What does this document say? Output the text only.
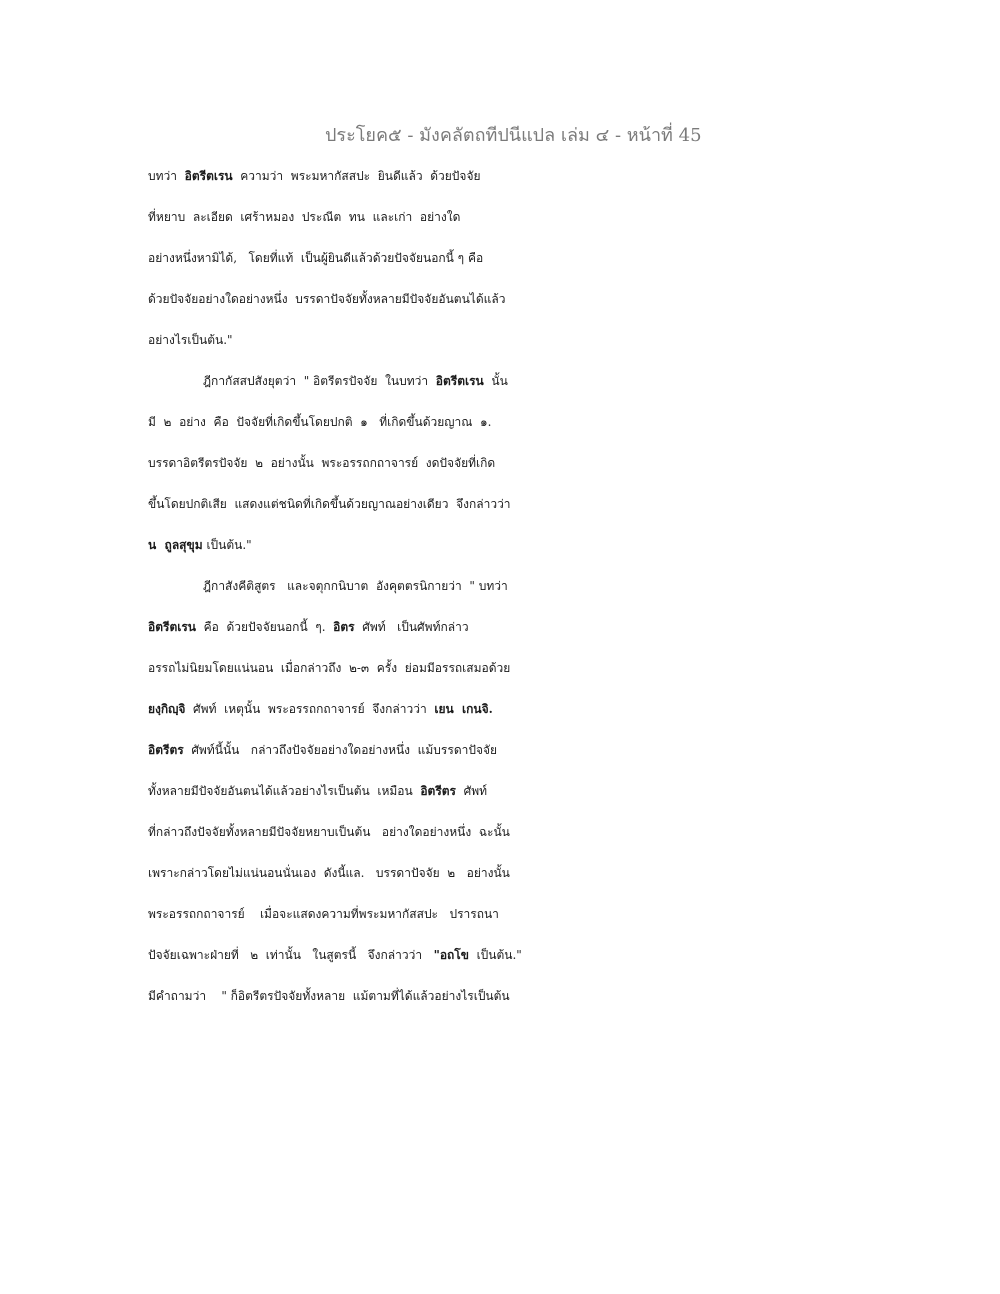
ประโยค๕ - มังคลัตถทีปนีแปล เล่ม ๔ - หน้าที่ 45
บทว่า  อิตรีตเรน  ความว่า  พระมหากัสสปะ  ยินดีแล้ว  ด้วยปัจจัย
ที่หยาบ  ละเอียด  เศร้าหมอง  ประณีต  ทน  และเก่า  อย่างใด
อย่างหนึ่งหามิได้,   โดยที่แท้  เป็นผู้ยินดีแล้วด้วยปัจจัยนอกนี้ ๆ คือ
ด้วยปัจจัยอย่างใดอย่างหนึ่ง  บรรดาปัจจัยทั้งหลายมีปัจจัยอันตนได้แล้ว
อย่างไรเป็นต้น."
ฎีกากัสสปสังยุตว่า  " อิตรีตรปัจจัย  ในบทว่า  อิตรีตเรน  นั้น
มี  ๒  อย่าง  คือ  ปัจจัยที่เกิดขึ้นโดยปกติ  ๑   ที่เกิดขึ้นด้วยญาณ  ๑.
บรรดาอิตรีตรปัจจัย  ๒  อย่างนั้น  พระอรรถกถาจารย์  งดปัจจัยที่เกิด
ขึ้นโดยปกติเสีย  แสดงแต่ชนิดที่เกิดขึ้นด้วยญาณอย่างเดียว  จึงกล่าวว่า
น  ถูลสุขุม เป็นต้น."
ฎีกาสังคีติสูตร   และจตุกกนิบาต  อังคุตตรนิกายว่า  " บทว่า
อิตรีตเรน  คือ  ด้วยปัจจัยนอกนี้  ๆ.  อิตร  ศัพท์   เป็นศัพท์กล่าว
อรรถไม่นิยมโดยแน่นอน  เมื่อกล่าวถึง  ๒-๓  ครั้ง  ย่อมมีอรรถเสมอด้วย
ยงฺกิญฺจิ  ศัพท์  เหตุนั้น  พระอรรถกถาจารย์  จึงกล่าวว่า  เยน  เกนจิ.
อิตรีตร  ศัพท์นี้นั้น   กล่าวถึงปัจจัยอย่างใดอย่างหนึ่ง  แม้บรรดาปัจจัย
ทั้งหลายมีปัจจัยอันตนได้แล้วอย่างไรเป็นต้น  เหมือน  อิตรีตร  ศัพท์
ที่กล่าวถึงปัจจัยทั้งหลายมีปัจจัยหยาบเป็นต้น   อย่างใดอย่างหนึ่ง  ฉะนั้น
เพราะกล่าวโดยไม่แน่นอนนั่นเอง  ดังนี้แล.   บรรดาปัจจัย  ๒   อย่างนั้น
พระอรรถกถาจารย์    เมื่อจะแสดงความที่พระมหากัสสปะ   ปรารถนา
ปัจจัยเฉพาะฝ่ายที่   ๒  เท่านั้น   ในสูตรนี้   จึงกล่าวว่า   "อถโข  เป็นต้น."
มีคำถามว่า    " ก็อิตรีตรปัจจัยทั้งหลาย  แม้ตามที่ได้แล้วอย่างไรเป็นต้น
